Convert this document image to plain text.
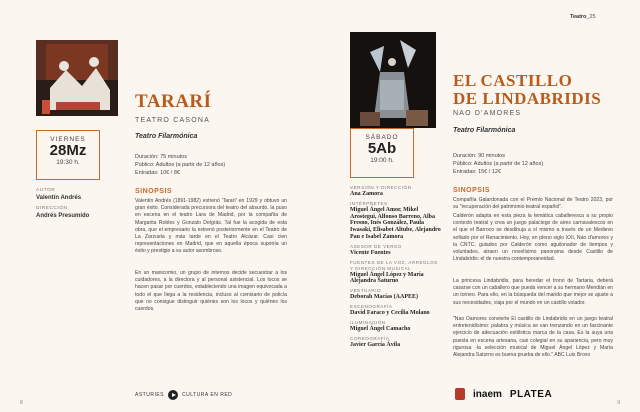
TARARÍ
TEATRO CASONA
Teatro Filarmónica
VIERNES
28Mz
19:30 h.
Duración: 75 minutos
Público: Adultos (a partir de 12 años)
Entradas: 10€ / 8€
AUTOR
Valentín Andrés
DIRECCIÓN
Andrés Presumido
SINOPSIS
Valentín Andrés (1891-1982) estrenó 'Tararí' en 1929 y obtuvo un gran éxito. Considerada precursora del teatro del absurdo, la puso en escena en el teatro Lara de Madrid, por la compañía de Margarita Robles y Gonzalo Delgrás. Tal fue la acogida de esta obra, que el empresario la estrenó posteriormente en el Teatro de La Zarzuela y más tarde en el Teatro Alcázar. Casi cien representaciones en Madrid, que en aquella época suponía un éxito y prestigio a su autor asombroso.
En un manicomio, un grupo de internos decide secuestrar a los cuidadores, a la directora y al personal asistencial. Los locos se hacen pasar por cuerdos, estableciendo una imagen equivocada a todo el que llega a la residencia, incluso al comisario de policía que no consigue distinguir quiénes son los locos y quiénes los cuerdos.
ASTURIES	CULTURA EN RED
8
Teatro_25
EL CASTILLO
DE LINDABRIDIS
NAO D'AMORES
Teatro Filarmónica
SÁBADO
5Ab
19:00 h.
Duración: 90 minutos
Público: Adultos (a partir de 12 años)
Entradas: 15€ / 12€
VERSIÓN Y DIRECCIÓN
Ana Zamora
INTÉRPRETES
Miguel Ángel Amor, Mikel Arostegui, Alfonso Barreno, Alba Fresno, Inés González, Paula Iwasaki, Elisabet Altube, Alejandro Pau e Isabel Zamora
ASESOR DE VERSO
Vicente Fuentes
FUENTES DE LA VOZ, ARREGLOS Y DIRECCIÓN MUSICAL
Miguel Ángel López y María Alejandra Saturno
VESTUARIO
Deborah Macías (AAPEE)
ESCENOGRAFÍA
David Faraco y Cecilia Molano
ILUMINACIÓN
Miguel Ángel Camacho
COREOGRAFÍA
Javier García Ávila
SINOPSIS
Compañía Galardonada con el Premio Nacional de Teatro 2023, por su "recuperación del patrimonio teatral español".
Calderón adapta en esta pieza la temática caballeresca a su propio contexto teatral y crea un juego palaciego de aires carnavalescos en el que el Barroco se desdibuja a sí mismo a través de un Medievo sofiado por el Renacimiento. Hoy, en pleno siglo XXI, Nao d'amores y la CNTC, guiados por Calderón como aguilonador de tiempos y voluntades, atraen un novelísimo panorama desde Castillo de Lindabridis: el de nuestra contemporaneidad.
La princesa Lindabridis, para heredar el trono de Tartaria, deberá casarse con un caballero que pueda vencer a su hermano Meridián en un torneo. Para ello, en la búsqueda del marido que mejor se ajuste a sus necesidades, viaja por el mundo en un castillo volador.
"Nao Damores convierte El castillo de Lindabridis en un juego teatral entretenidísimo: palabra y música se van trenzando en un fascinante ejercicio de adecuación estilística marca de la casa. Es la suya una puesta en escena artesana, casi colegial en su apariencia, pero muy rigurosa -la selección musical de Miguel Ángel López y María Alejandra Saturno es buena prueba de ello." ABC Luis Brovo
inaem PLATEA
9
